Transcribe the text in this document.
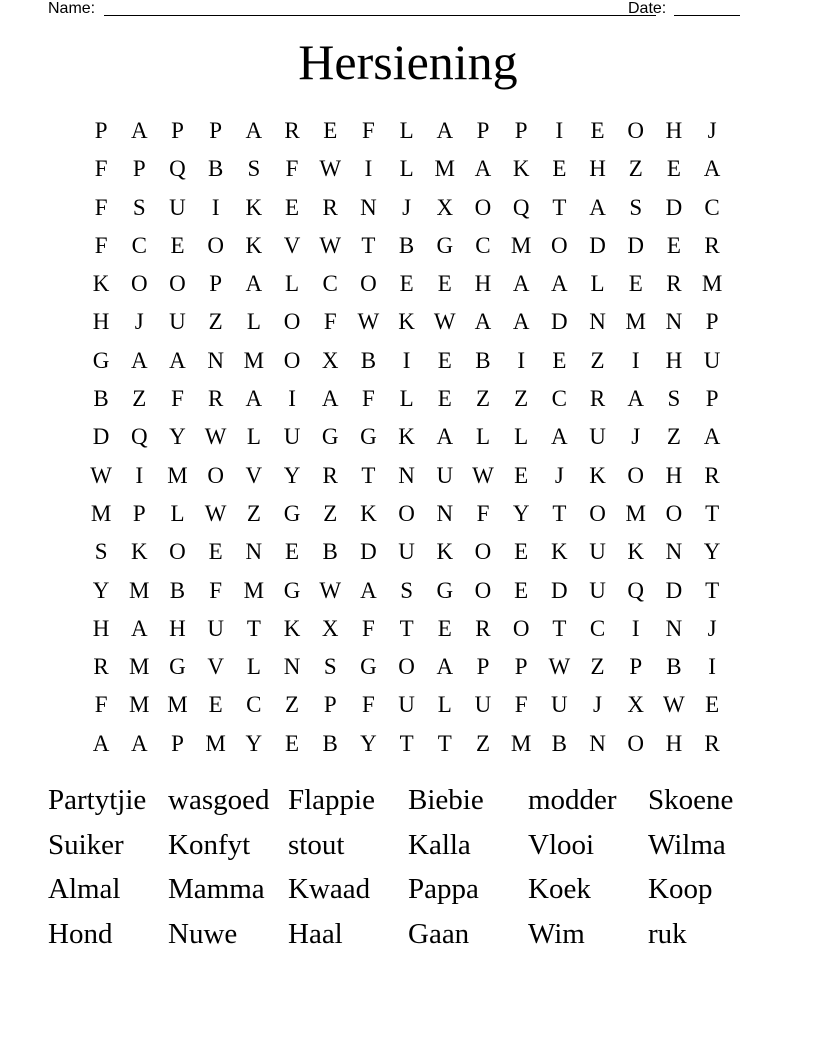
Name:	Date:
Hersiening
P	A	P	P	A R	E	F	L A	P	P	I	E O H	J
F	P	Q B	S	F W	I	L M A K E H Z	E A
F	S	U	I	K E	R N	J	X O Q T A	S	D C
F	C	E O K V W T	B G C M O D D E	R
K O O	P	A L	C O E	E H A A L	E	R M
H	J	U Z	L O	F W K W A A D N M N	P
G A A N M O X B	I	E	B	I	E	Z	I	H U
B	Z	F	R A	I	A	F	L	E	Z	Z	C R A	S	P
D Q Y W L U G G K A L	L A U	J	Z A
W	I	M O V Y R	T N U W E	J	K O H R
M P	L W Z G Z K O N	F	Y T O M O T
S	K O E N E	B D U K O E K U K N Y
Y M B	F M G W A	S	G O E D U Q D T
H A H U T K X	F	T	E	R O T	C	I	N	J
R M G V L N	S	G O A	P	P W Z	P	B	I
F M M E	C	Z	P	F	U L U	F	U	J	X W E
A A	P M Y E	B Y T	T	Z M B N O H R
Partytjie wasgoed Flappie	Biebie	modder	Skoene
Suiker	Konfyt	stout	Kalla	Vlooi	Wilma
Almal	Mamma Kwaad	Pappa	Koek	Koop
Hond	Nuwe	Haal	Gaan	Wim	ruk
